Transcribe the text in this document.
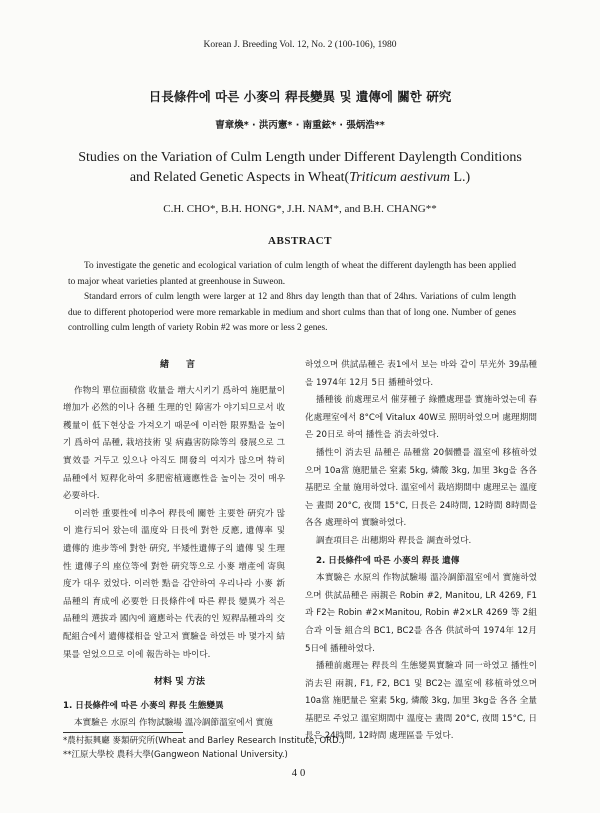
Korean J. Breeding Vol. 12, No. 2 (100-106), 1980
日長條件에 따른 小麥의 稈長變異 및 遺傳에 關한 硏究
曺章煥* · 洪丙憲* · 南重鉉* · 張炳浩**
Studies on the Variation of Culm Length under Different Daylength Conditions
and Related Genetic Aspects in Wheat(Triticum aestivum L.)
C.H. CHO*, B.H. HONG*, J.H. NAM*, and B.H. CHANG**
ABSTRACT

To investigate the genetic and ecological variation of culm length of wheat the different daylength has been applied to major wheat varieties planted at greenhouse in Suweon.

Standard errors of culm length were larger at 12 and 8hrs day length than that of 24hrs. Variations of culm length due to different photoperiod were more remarkable in medium and short culms than that of long one. Number of genes controlling culm length of variety Robin #2 was more or less 2 genes.

緖　言

作物의 單位面積當 收量을 增大시키기 爲하여 施肥量이 增加가 必然的이나 各種 生理的인 障害가 야기되므로서 收穫量이 低下현상을 가져오기 때문에 이러한 限界點을 높이기 爲하여 品種, 栽培技術 및 病蟲害防除等의 發展으로 그 實效를 거두고 있으나 아직도 開發의 여지가 많으며 特히 品種에서 短稈化하여 多肥密植適應性을 높이는 것이 매우 必要하다.

이러한 重要性에 비추어 稈長에 關한 主要한 硏究가 많이 進行되어 왔는데 溫度와 日長에 對한 反應, 遺傳率 및 遺傳的 進步等에 對한 硏究, 半矮性遺傳子의 遺傳 및 生理性 遺傳子의 座位等에 對한 硏究等으로 小麥 增產에 寄與度가 대우 컸었다. 이러한 點을 감안하여 우리나라 小麥 新品種의 育成에 必要한 日長條件에 따른 稈長 變異가 적은 品種의 選拔과 國內에 適應하는 代表的인 短稈品種과의 交配組合에서 遺傳樣相을 알고저 實驗을 하였든 바 몇가지 結果를 얻었으므로 이에 報告하는 바이다.

材料 및 方法

1. 日長條件에 따른 小麥의 稈長 生態變異

本實驗은 水原의 作物試驗場 溫冷調節溫室에서 實施

하였으며 供試品種은 表1에서 보는 바와 같이 早光外 39品種을 1974年 12月 5日 播種하였다.

播種後 前處理로서 催芽種子 綠體處理를 實施하였는데 春化處理室에서 8°C에 Vitalux 40W로 照明하였으며 處理期間은 20日로 하여 播性을 消去하였다.

播性이 消去된 品種은 品種當 20個體를 溫室에 移植하였으며 10a當 施肥量은 窒素 5kg, 燐酸 3kg, 加里 3kg을 各各 基肥로 全量 施用하였다. 溫室에서 栽培期間中 處理로는 溫度는 晝間 20°C, 夜間 15°C, 日長은 24時間, 12時間 8時間을 各各 處理하여 實驗하였다.

調査項目은 出穗期와 稈長을 調査하였다.

2. 日長條件에 따른 小麥의 稈長 遺傳

本實驗은 水原의 作物試驗場 溫冷調節溫室에서 實施하였으며 供試品種은 兩親은 Robin #2, Manitou, LR 4269, F1과 F2는 Robin #2×Manitou, Robin #2×LR 4269 等 2組合과 이들 組合의 BC1, BC2를 各各 供試하여 1974年 12月 5日에 播種하였다.

播種前處理는 稈長의 生態變異實驗과 同一하였고 播性이 消去된 兩親, F1, F2, BC1 및 BC2는 溫室에 移植하였으며 10a當 施肥量은 窒素 5kg, 燐酸 3kg, 加里 3kg을 各各 全量 基肥로 주었고 溫室期間中 溫度는 晝間 20°C, 夜間 15°C, 日長은 24時間, 12時間 處理區를 두었다.

*農村振興廳 麥類硏究所(Wheat and Barley Research Institute, ORD.)
**江原大學校 農科大學(Gangweon National University.)
40
